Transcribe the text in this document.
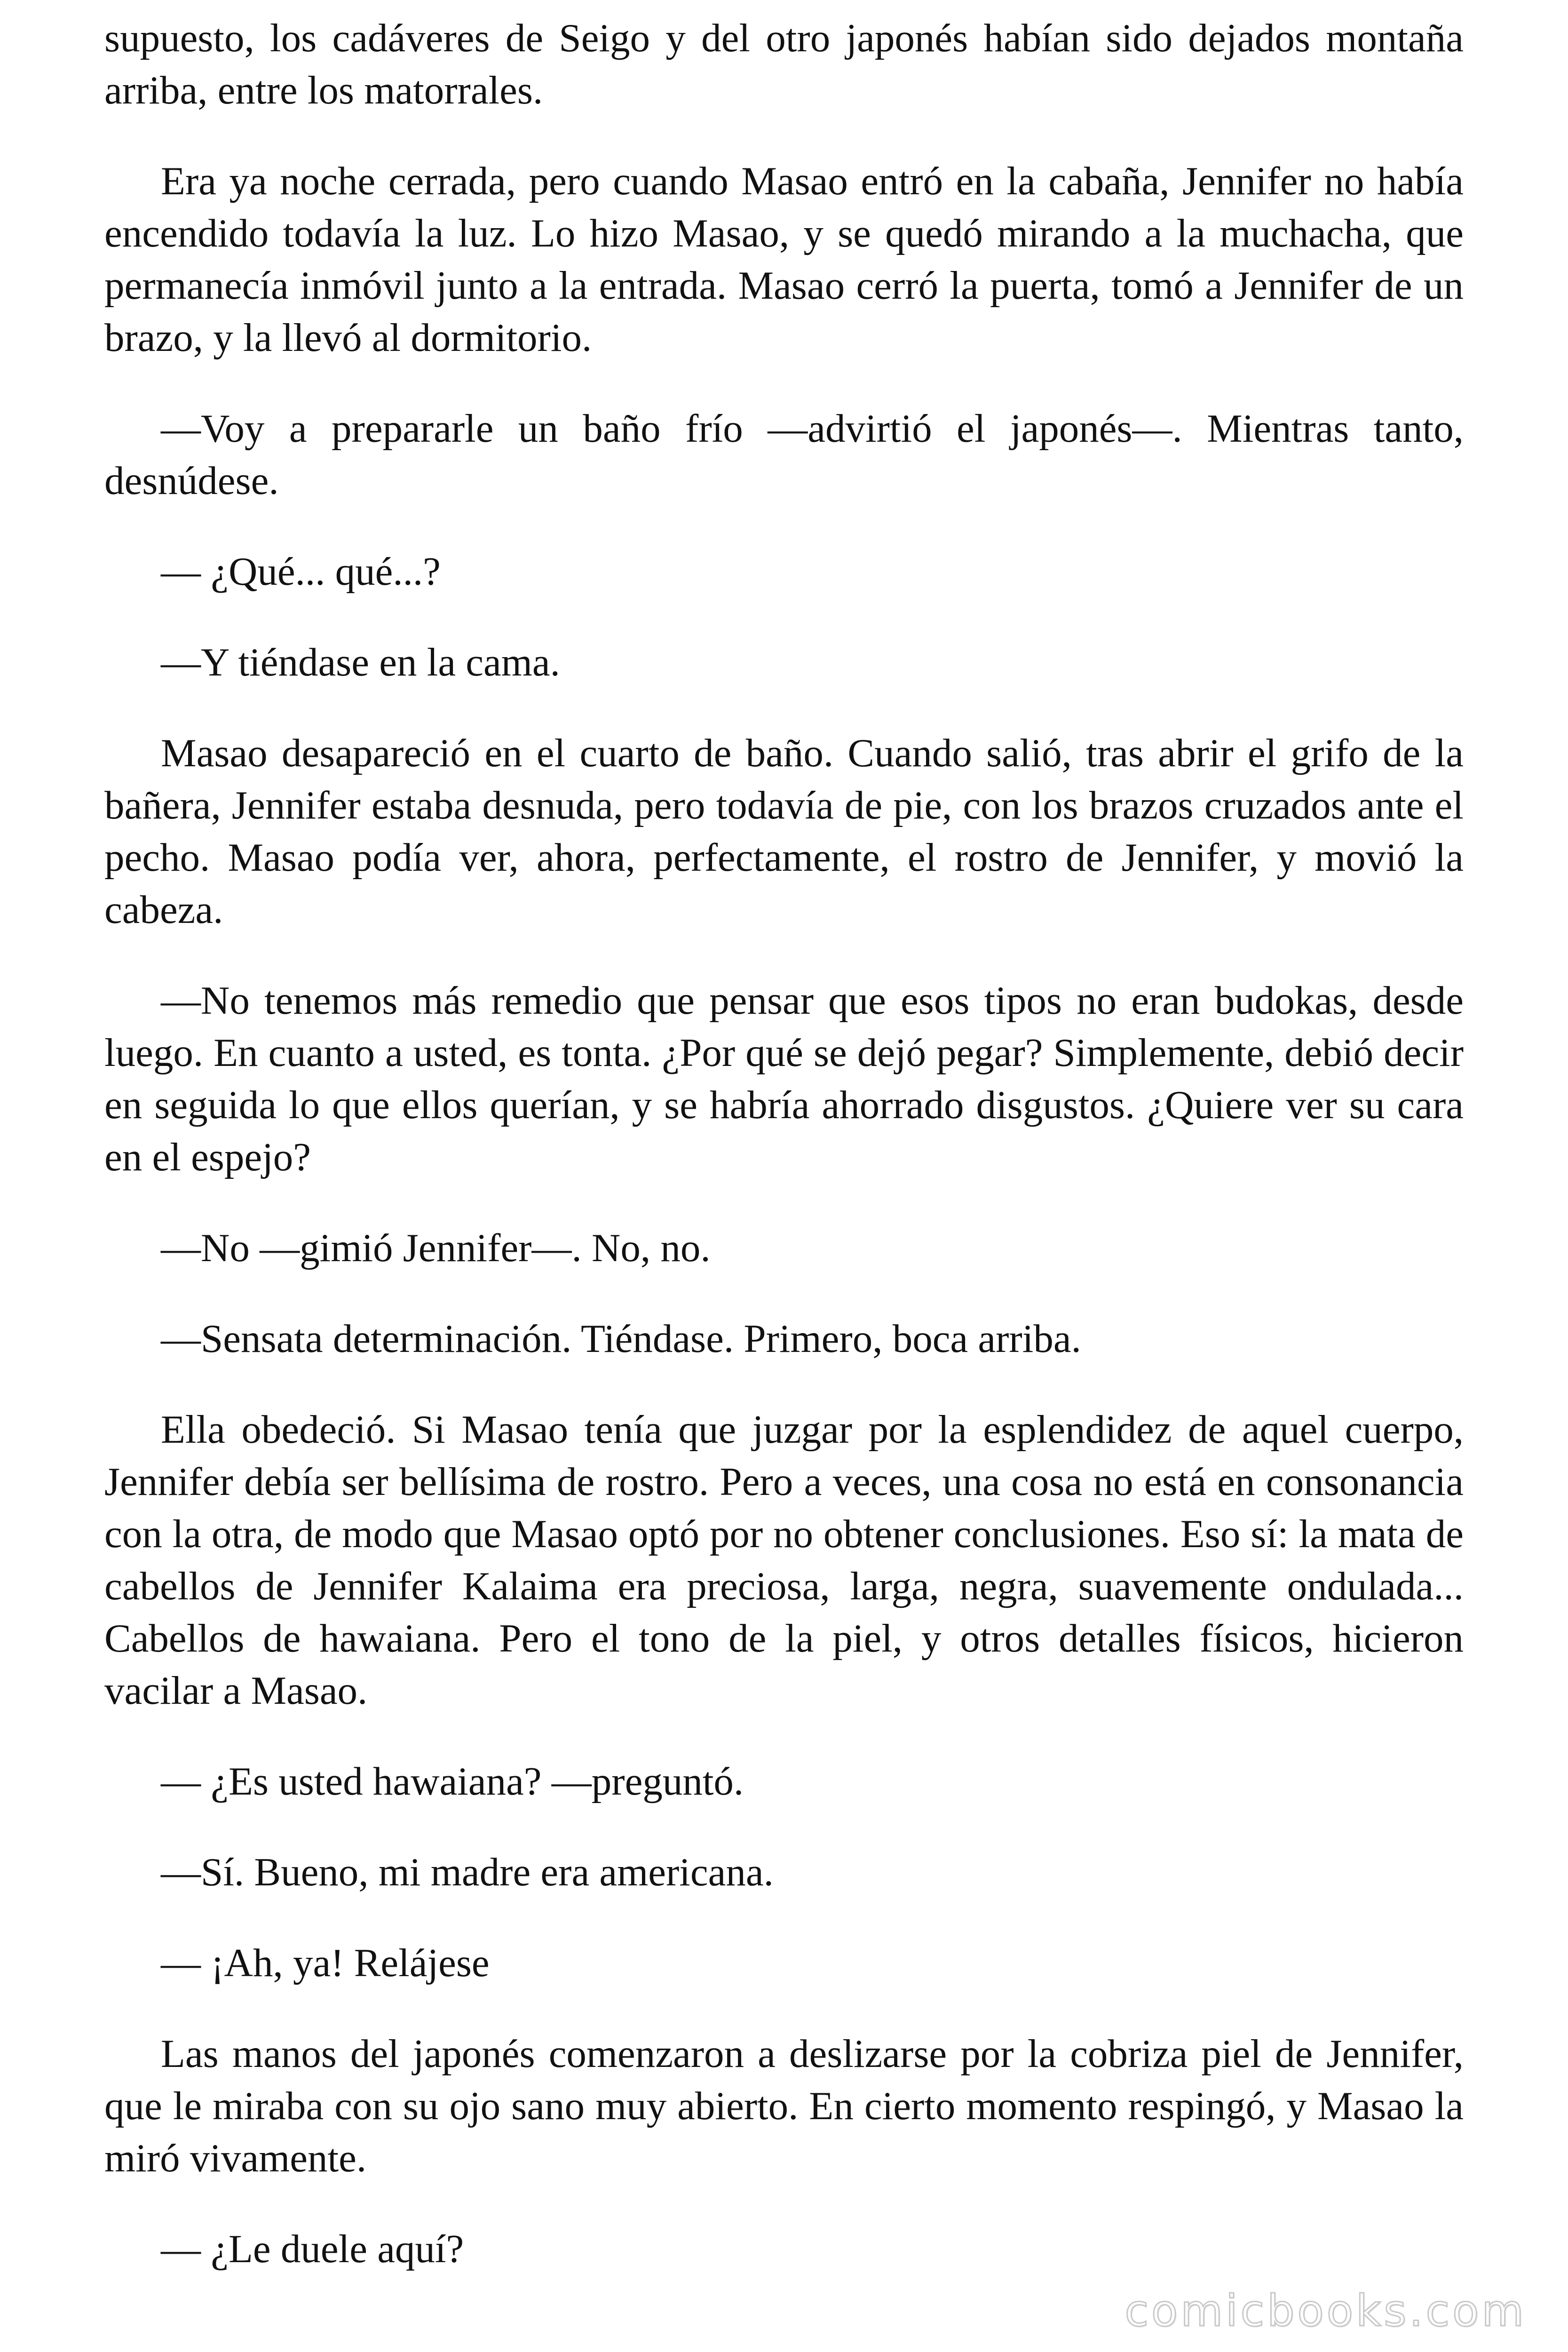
supuesto, los cadáveres de Seigo y del otro japonés habían sido dejados montaña arriba, entre los matorrales.

Era ya noche cerrada, pero cuando Masao entró en la cabaña, Jennifer no había encendido todavía la luz. Lo hizo Masao, y se quedó mirando a la muchacha, que permanecía inmóvil junto a la entrada. Masao cerró la puerta, tomó a Jennifer de un brazo, y la llevó al dormitorio.

—Voy a prepararle un baño frío —advirtió el japonés—. Mientras tanto, desnúdese.

— ¿Qué... qué...?

—Y tiéndase en la cama.

Masao desapareció en el cuarto de baño. Cuando salió, tras abrir el grifo de la bañera, Jennifer estaba desnuda, pero todavía de pie, con los brazos cruzados ante el pecho. Masao podía ver, ahora, perfectamente, el rostro de Jennifer, y movió la cabeza.

—No tenemos más remedio que pensar que esos tipos no eran budokas, desde luego. En cuanto a usted, es tonta. ¿Por qué se dejó pegar? Simplemente, debió decir en seguida lo que ellos querían, y se habría ahorrado disgustos. ¿Quiere ver su cara en el espejo?

—No —gimió Jennifer—. No, no.

—Sensata determinación. Tiéndase. Primero, boca arriba.

Ella obedeció. Si Masao tenía que juzgar por la esplendidez de aquel cuerpo, Jennifer debía ser bellísima de rostro. Pero a veces, una cosa no está en consonancia con la otra, de modo que Masao optó por no obtener conclusiones. Eso sí: la mata de cabellos de Jennifer Kalaima era preciosa, larga, negra, suavemente ondulada... Cabellos de hawaiana. Pero el tono de la piel, y otros detalles físicos, hicieron vacilar a Masao.

— ¿Es usted hawaiana? —preguntó.

—Sí. Bueno, mi madre era americana.

— ¡Ah, ya! Relájese

Las manos del japonés comenzaron a deslizarse por la cobriza piel de Jennifer, que le miraba con su ojo sano muy abierto. En cierto momento respingó, y Masao la miró vivamente.

— ¿Le duele aquí?

comicbooks.com
